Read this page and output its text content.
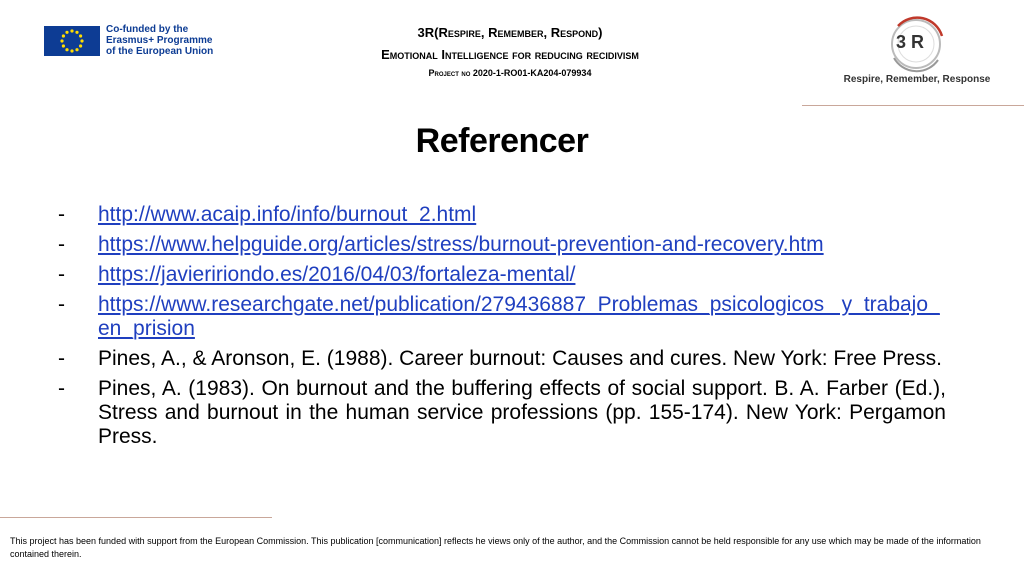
Co-funded by the
Erasmus+ Programme
of the European Union
3R(Respire, Remember, Respond)
Emotional Intelligence for reducing recidivism
Project no 2020-1-RO01-KA204-079934
3 R
Respire, Remember, Response
Referencer
-	http://www.acaip.info/info/burnout_2.html
-	https://www.helpguide.org/articles/stress/burnout-prevention-and-recovery.htm
-	https://javieririondo.es/2016/04/03/fortaleza-mental/
-	https://www.researchgate.net/publication/279436887_Problemas_psicologicos_ y_trabajo_en_prision
-	Pines, A., & Aronson, E. (1988). Career burnout: Causes and cures. New York: Free Press.
-	Pines, A. (1983). On burnout and the buffering effects of social support. B. A. Farber (Ed.), Stress and burnout in the human service professions (pp. 155-174). New York: Pergamon Press.
This project has been funded with support from the European Commission. This publication [communication] reflects he views only of the author, and the Commission cannot be held responsible for any use which may be made of the information contained therein.
